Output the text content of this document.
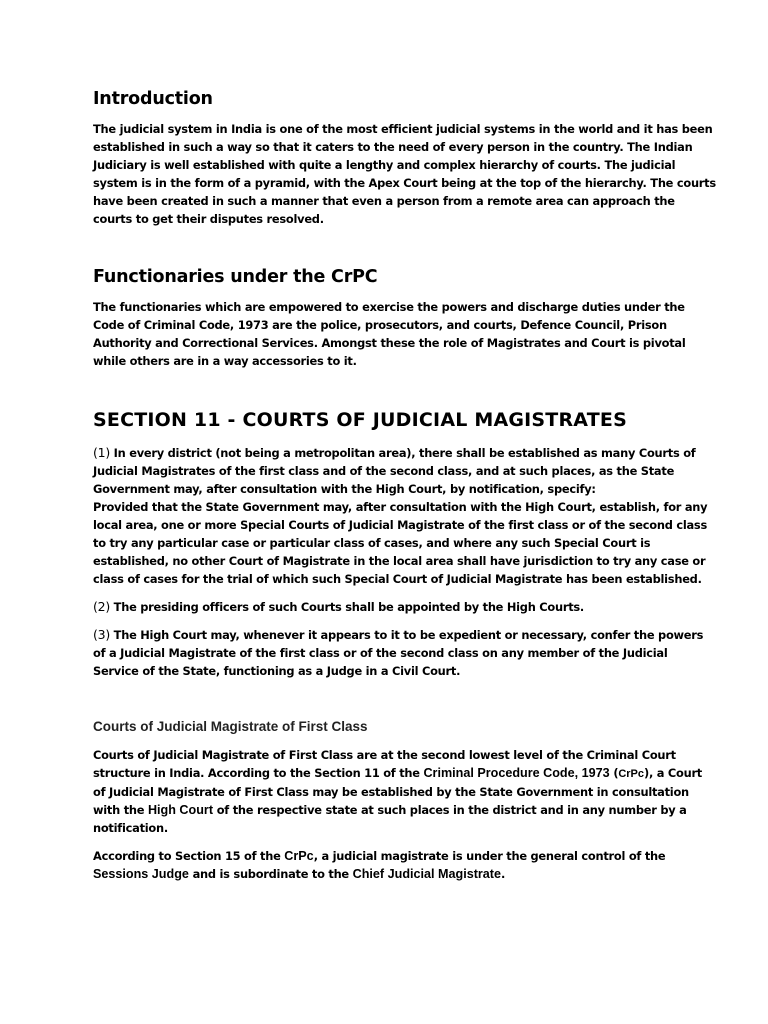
Introduction

The judicial system in India is one of the most efficient judicial systems in the world and it has been established in such a way so that it caters to the need of every person in the country. The Indian Judiciary is well established with quite a lengthy and complex hierarchy of courts. The judicial system is in the form of a pyramid, with the Apex Court being at the top of the hierarchy. The courts have been created in such a manner that even a person from a remote area can approach the courts to get their disputes resolved.

Functionaries under the CrPC

The functionaries which are empowered to exercise the powers and discharge duties under the Code of Criminal Code, 1973 are the police, prosecutors, and courts, Defence Council, Prison Authority and Correctional Services. Amongst these the role of Magistrates and Court is pivotal while others are in a way accessories to it.

SECTION 11 - COURTS OF JUDICIAL MAGISTRATES

(1) In every district (not being a metropolitan area), there shall be established as many Courts of Judicial Magistrates of the first class and of the second class, and at such places, as the State Government may, after consultation with the High Court, by notification, specify:
Provided that the State Government may, after consultation with the High Court, establish, for any local area, one or more Special Courts of Judicial Magistrate of the first class or of the second class to try any particular case or particular class of cases, and where any such Special Court is established, no other Court of Magistrate in the local area shall have jurisdiction to try any case or class of cases for the trial of which such Special Court of Judicial Magistrate has been established.

(2) The presiding officers of such Courts shall be appointed by the High Courts.

(3) The High Court may, whenever it appears to it to be expedient or necessary, confer the powers of a Judicial Magistrate of the first class or of the second class on any member of the Judicial Service of the State, functioning as a Judge in a Civil Court.

Courts of Judicial Magistrate of First Class

Courts of Judicial Magistrate of First Class are at the second lowest level of the Criminal Court structure in India. According to the Section 11 of the Criminal Procedure Code, 1973 (CrPc), a Court of Judicial Magistrate of First Class may be established by the State Government in consultation with the High Court of the respective state at such places in the district and in any number by a notification.

According to Section 15 of the CrPc, a judicial magistrate is under the general control of the Sessions Judge and is subordinate to the Chief Judicial Magistrate.
